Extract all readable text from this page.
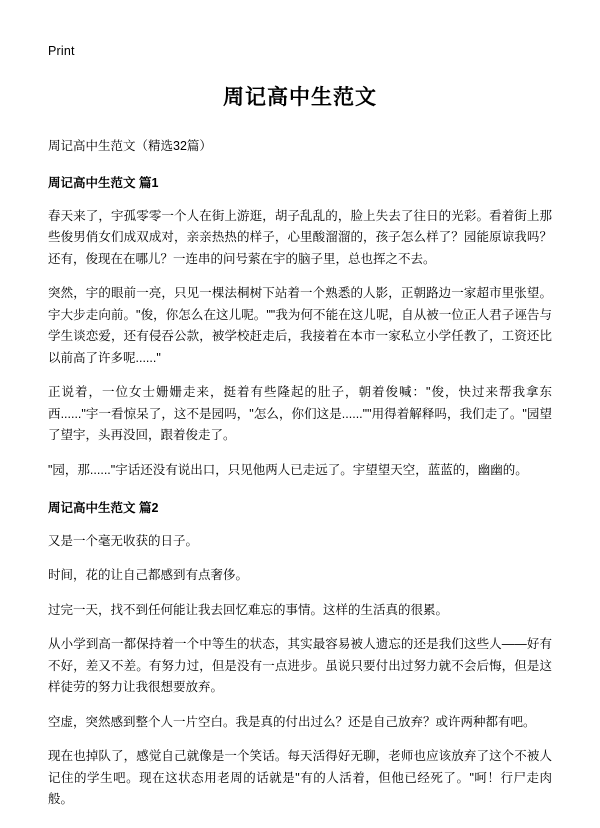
Print
周记高中生范文
周记高中生范文（精选32篇）
周记高中生范文 篇1

春天来了，宇孤零零一个人在街上游逛，胡子乱乱的，脸上失去了往日的光彩。看着街上那些俊男俏女们成双成对，亲亲热热的样子，心里酸溜溜的，孩子怎么样了？园能原谅我吗？还有，俊现在在哪儿？一连串的问号萦在宇的脑子里，总也挥之不去。

突然，宇的眼前一亮，只见一棵法桐树下站着一个熟悉的人影，正朝路边一家超市里张望。宇大步走向前。"俊，你怎么在这儿呢。""我为何不能在这儿呢，自从被一位正人君子诬告与学生谈恋爱，还有侵吞公款，被学校赶走后，我接着在本市一家私立小学任教了，工资还比以前高了许多呢......"

正说着，一位女士姗姗走来，挺着有些隆起的肚子，朝着俊喊："俊，快过来帮我拿东西......"宇一看惊呆了，这不是园吗，"怎么，你们这是......""用得着解释吗，我们走了。"园望了望宇，头再没回，跟着俊走了。

"园，那......"宇话还没有说出口，只见他两人已走远了。宇望望天空，蓝蓝的，幽幽的。

周记高中生范文 篇2

又是一个毫无收获的日子。

时间，花的让自己都感到有点奢侈。

过完一天，找不到任何能让我去回忆难忘的事情。这样的生活真的很累。

从小学到高一都保持着一个中等生的状态，其实最容易被人遗忘的还是我们这些人——好有不好，差又不差。有努力过，但是没有一点进步。虽说只要付出过努力就不会后悔，但是这样徒劳的努力让我很想要放弃。

空虚，突然感到整个人一片空白。我是真的付出过么？还是自己放弃？或许两种都有吧。

现在也掉队了，感觉自己就像是一个笑话。每天活得好无聊，老师也应该放弃了这个不被人记住的学生吧。现在这状态用老周的话就是"有的人活着，但他已经死了。"呵！行尸走肉般。
